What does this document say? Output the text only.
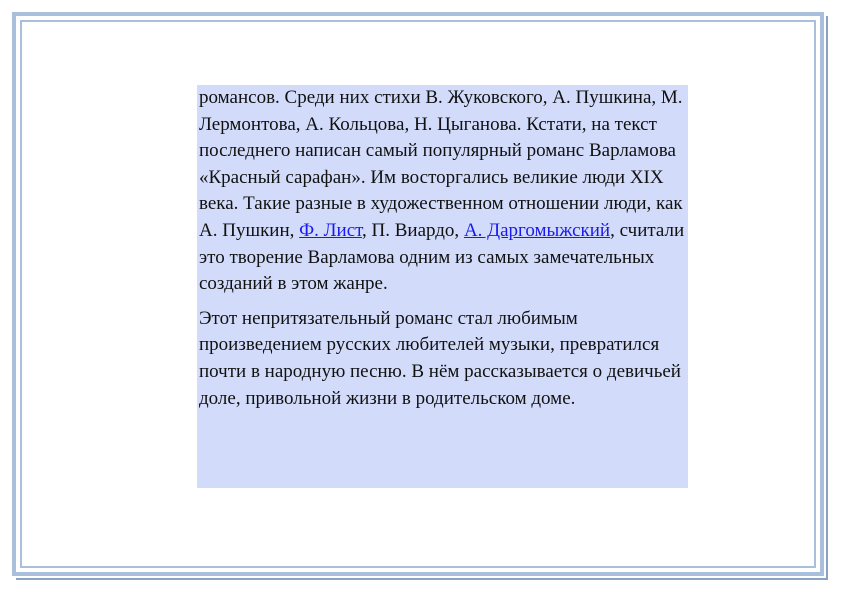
романсов. Среди них стихи В. Жуковского, А. Пушкина, М. Лермонтова, А. Кольцова, Н. Цыганова. Кстати, на текст последнего написан самый популярный романс Варламова «Красный сарафан». Им восторгались великие люди XIX века. Такие разные в художественном отношении люди, как А. Пушкин, Ф. Лист, П. Виардо, А. Даргомыжский, считали это творение Варламова одним из самых замечательных созданий в этом жанре.

Этот непритязательный романс стал любимым произведением русских любителей музыки, превратился почти в народную песню. В нём рассказывается о девичьей доле, привольной жизни в родительском доме.
